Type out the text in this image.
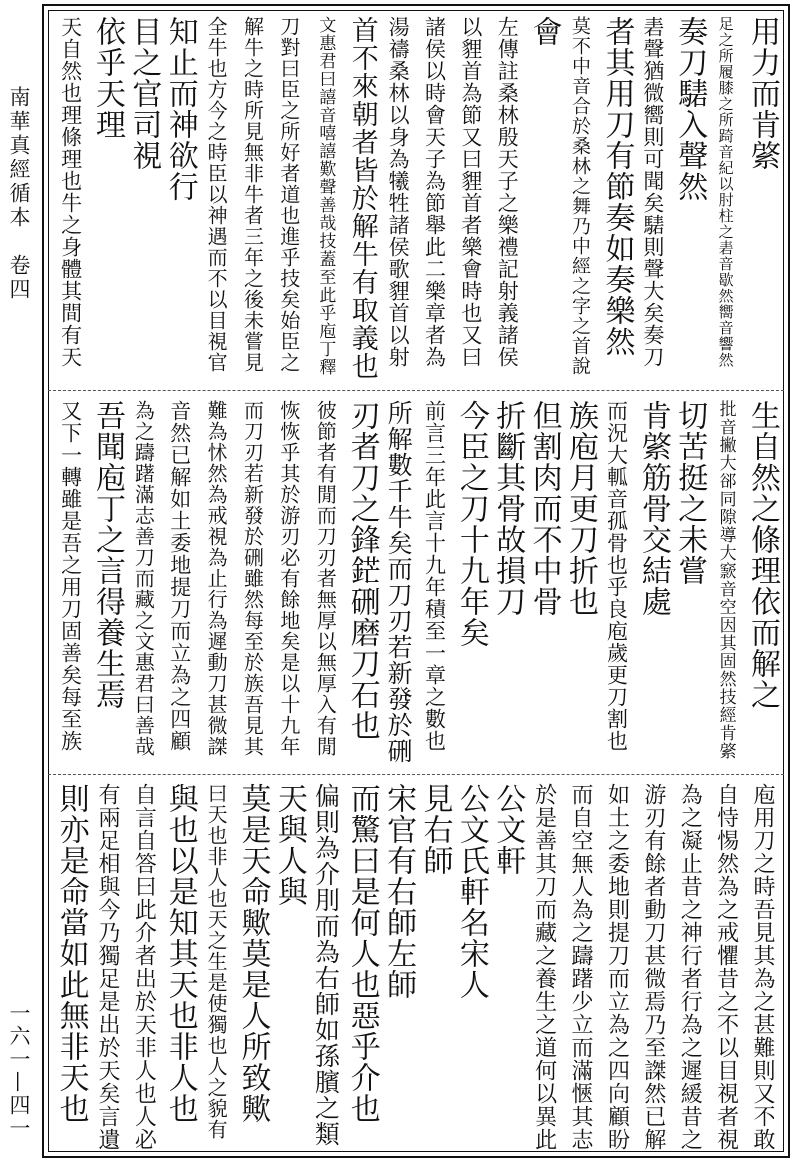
南華真經循本　卷四
一六一—四一
用力而肯綮
足之所履膝之所踦音紀以肘柱之砉音歇然嚮音響然
奏刀騞入聲然
砉聲猶微嚮則可聞矣騞則聲大矣奏刀
者其用刀有節奏如奏樂然
莫不中音合於桑林之舞乃中經之字之首說
會
左傳註桑林殷天子之樂禮記射義諸侯
以貍首為節又曰貍首者樂會時也又曰
諸侯以時會天子為節舉此二樂章者為
湯禱桑林以身為犧牲諸侯歌貍首以射
首不來朝者皆於解牛有取義也
文惠君曰譆音嘻譆歎聲善哉技蓋至此乎庖丁釋
刀對曰臣之所好者道也進乎技矣始臣之
解牛之時所見無非牛者三年之後未嘗見
全牛也方今之時臣以神遇而不以目視官
知止而神欲行
目之官司視
依乎天理
天自然也理條理也牛之身體其間有天
生自然之條理依而解之
批音撇大郤同隙導大窾音空因其固然技經肯綮
切苦挺之未嘗
肯綮筋骨交結處
而況大軱音孤骨也乎良庖歲更刀割也
族庖月更刀折也
但割肉而不中骨
折斷其骨故損刀
今臣之刀十九年矣
前言三年此言十九年積至一章之數也
所解數千牛矣而刀刃若新發於硎
刃者刀之鋒鋩硎磨刀石也
彼節者有閒而刀刃者無厚以無厚入有閒
恢恢乎其於游刃必有餘地矣是以十九年
而刀刃若新發於硎雖然每至於族吾見其
難為怵然為戒視為止行為遲動刀甚微謋
音然已解如土委地提刀而立為之四顧
為之躊躇滿志善刀而藏之文惠君曰善哉
吾聞庖丁之言得養生焉
又下一轉雖是吾之用刀固善矣每至族
庖用刀之時吾見其為之甚難則又不敢
自恃惕然為之戒懼昔之不以目視者視
為之凝止昔之神行者行為之遲緩昔之
游刃有餘者動刀甚微焉乃至謋然已解
如土之委地則提刀而立為之四向顧盼
而自空無人為之躊躇少立而滿愜其志
於是善其刀而藏之養生之道何以異此
公文軒
公文氏軒名宋人
見右師
宋官有右師左師
而驚曰是何人也惡乎介也
偏則為介刖而為右師如孫臏之類
天與人與
莫是天命歟莫是人所致歟
曰天也非人也天之生是使獨也人之貌有
與也以是知其天也非人也
自言自答曰此介者出於天非人也人必
有兩足相與今乃獨足是出於天矣言遺
則亦是命當如此無非天也
